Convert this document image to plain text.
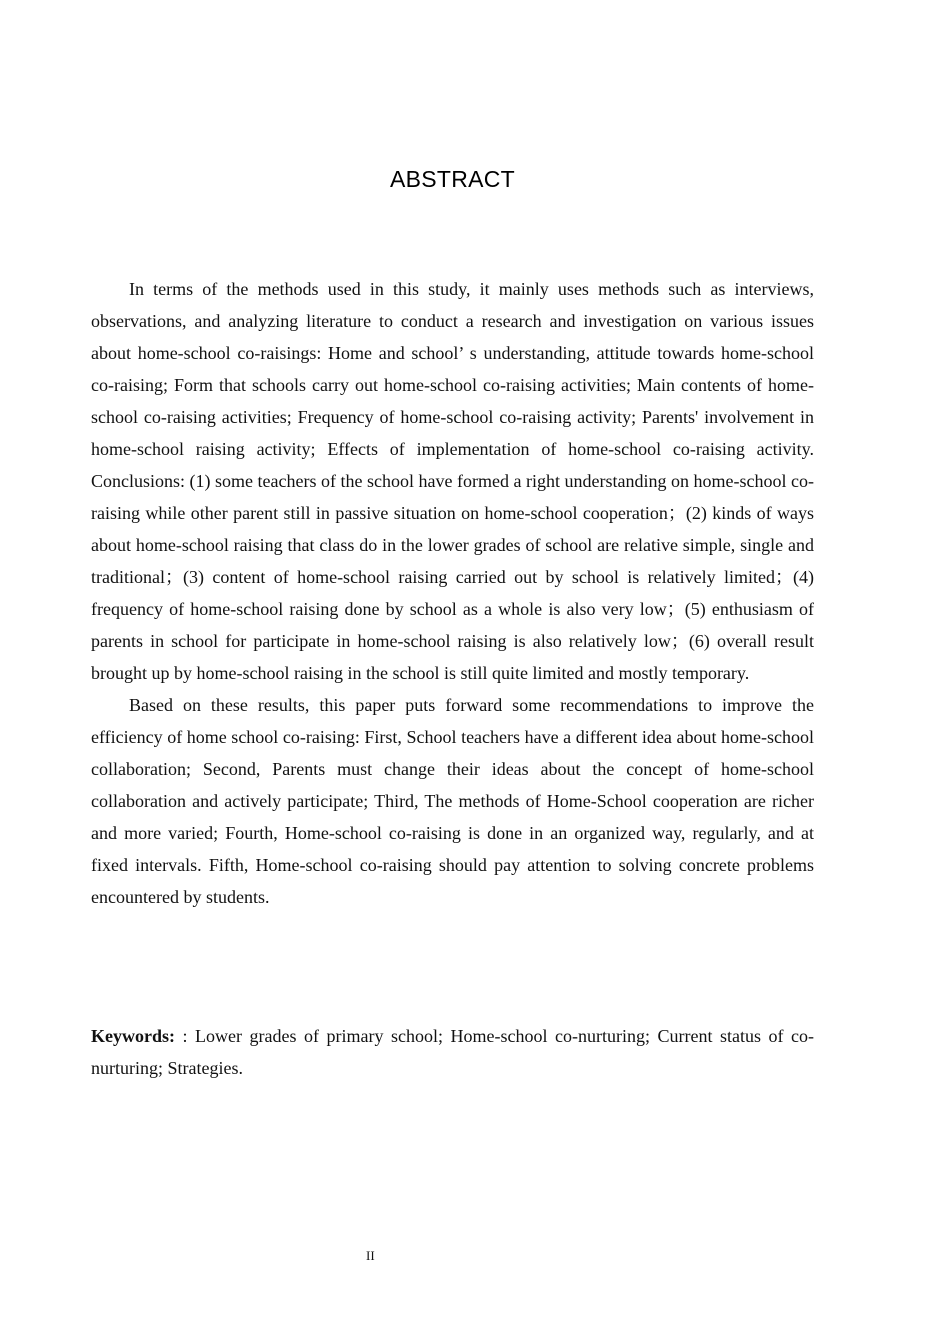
ABSTRACT

In terms of the methods used in this study, it mainly uses methods such as interviews, observations, and analyzing literature to conduct a research and investigation on various issues about home-school co-raisings: Home and school’ s understanding, attitude towards home-school co-raising; Form that schools carry out home-school co-raising activities; Main contents of home-school co-raising activities; Frequency of home-school co-raising activity; Parents' involvement in home-school raising activity; Effects of implementation of home-school co-raising activity. Conclusions: (1) some teachers of the school have formed a right understanding on home-school co-raising while other parent still in passive situation on home-school cooperation；(2) kinds of ways about home-school raising that class do in the lower grades of school are relative simple, single and traditional；(3) content of home-school raising carried out by school is relatively limited；(4) frequency of home-school raising done by school as a whole is also very low；(5) enthusiasm of parents in school for participate in home-school raising is also relatively low；(6) overall result brought up by home-school raising in the school is still quite limited and mostly temporary.

Based on these results, this paper puts forward some recommendations to improve the efficiency of home school co-raising: First, School teachers have a different idea about home-school collaboration; Second, Parents must change their ideas about the concept of home-school collaboration and actively participate; Third, The methods of Home-School cooperation are richer and more varied; Fourth, Home-school co-raising is done in an organized way, regularly, and at fixed intervals. Fifth, Home-school co-raising should pay attention to solving concrete problems encountered by students.

Keywords: : Lower grades of primary school; Home-school co-nurturing; Current status of co-nurturing; Strategies.
II
